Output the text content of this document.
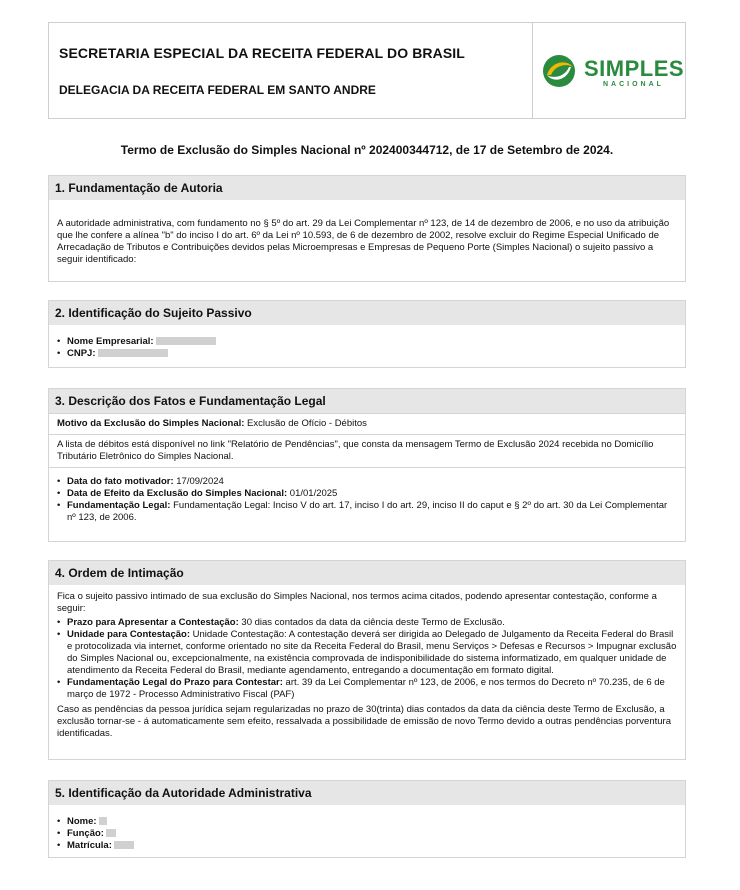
SECRETARIA ESPECIAL DA RECEITA FEDERAL DO BRASIL
DELEGACIA DA RECEITA FEDERAL EM SANTO ANDRE
SIMPLES
NACIONAL
Termo de Exclusão do Simples Nacional nº 202400344712, de 17 de Setembro de 2024.
1. Fundamentação de Autoria

A autoridade administrativa, com fundamento no § 5º do art. 29 da Lei Complementar nº 123, de 14 de dezembro de 2006, e no uso da atribuição que lhe confere a alínea "b" do inciso I do art. 6º da Lei nº 10.593, de 6 de dezembro de 2002, resolve excluir do Regime Especial Unificado de Arrecadação de Tributos e Contribuições devidos pelas Microempresas e Empresas de Pequeno Porte (Simples Nacional) o sujeito passivo a seguir identificado:

2. Identificação do Sujeito Passivo
• Nome Empresarial:
• CNPJ:
3. Descrição dos Fatos e Fundamentação Legal
Motivo da Exclusão do Simples Nacional: Exclusão de Ofício - Débitos

A lista de débitos está disponível no link "Relatório de Pendências", que consta da mensagem Termo de Exclusão 2024 recebida no Domicílio Tributário Eletrônico do Simples Nacional.

• Data do fato motivador: 17/09/2024
• Data de Efeito da Exclusão do Simples Nacional: 01/01/2025
• Fundamentação Legal: Fundamentação Legal: Inciso V do art. 17, inciso I do art. 29, inciso II do caput e § 2º do art. 30 da Lei Complementar nº 123, de 2006.
4. Ordem de Intimação

Fica o sujeito passivo intimado de sua exclusão do Simples Nacional, nos termos acima citados, podendo apresentar contestação, conforme a seguir:

• Prazo para Apresentar a Contestação: 30 dias contados da data da ciência deste Termo de Exclusão.
• Unidade para Contestação: Unidade Contestação: A contestação deverá ser dirigida ao Delegado de Julgamento da Receita Federal do Brasil e protocolizada via internet, conforme orientado no site da Receita Federal do Brasil, menu Serviços > Defesas e Recursos > Impugnar exclusão do Simples Nacional ou, excepcionalmente, na existência comprovada de indisponibilidade do sistema informatizado, em qualquer unidade de atendimento da Receita Federal do Brasil, mediante agendamento, entregando a documentação em formato digital.
• Fundamentação Legal do Prazo para Contestar: art. 39 da Lei Complementar nº 123, de 2006, e nos termos do Decreto nº 70.235, de 6 de março de 1972 - Processo Administrativo Fiscal (PAF)

Caso as pendências da pessoa jurídica sejam regularizadas no prazo de 30(trinta) dias contados da data da ciência deste Termo de Exclusão, a exclusão tornar-se - á automaticamente sem efeito, ressalvada a possibilidade de emissão de novo Termo devido a outras pendências porventura identificadas.

5. Identificação da Autoridade Administrativa
• Nome:
• Função:
• Matrícula:
